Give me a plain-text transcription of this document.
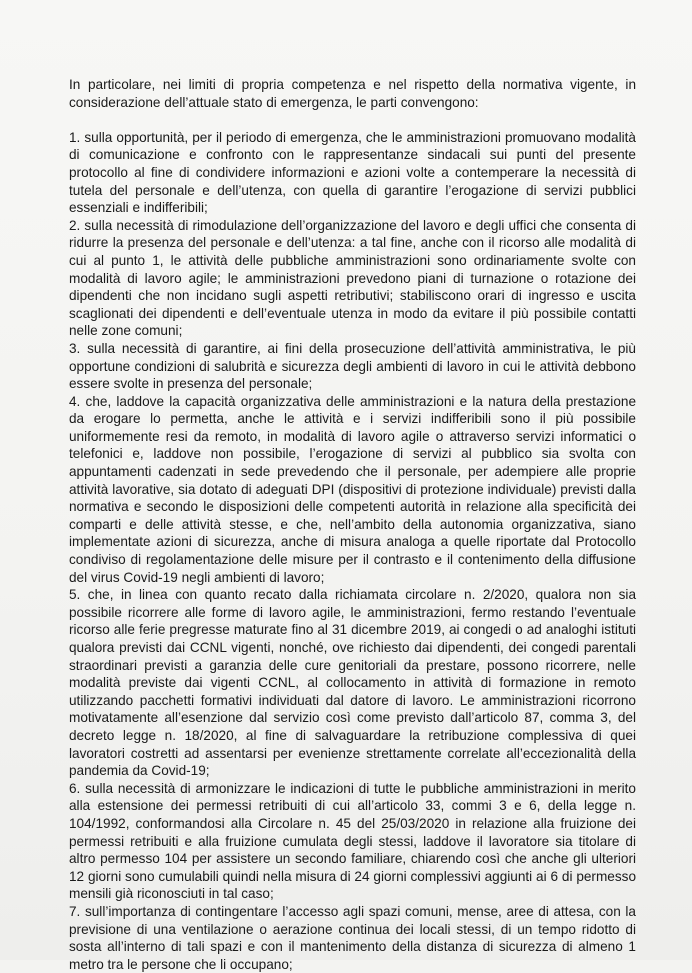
In particolare, nei limiti di propria competenza e nel rispetto della normativa vigente, in considerazione dell’attuale stato di emergenza, le parti convengono:

1. sulla opportunità, per il periodo di emergenza, che le amministrazioni promuovano modalità di comunicazione e confronto con le rappresentanze sindacali sui punti del presente protocollo al fine di condividere informazioni e azioni volte a contemperare la necessità di tutela del personale e dell’utenza, con quella di garantire l’erogazione di servizi pubblici essenziali e indifferibili;

2. sulla necessità di rimodulazione dell’organizzazione del lavoro e degli uffici che consenta di ridurre la presenza del personale e dell’utenza: a tal fine, anche con il ricorso alle modalità di cui al punto 1, le attività delle pubbliche amministrazioni sono ordinariamente svolte con modalità di lavoro agile; le amministrazioni prevedono piani di turnazione o rotazione dei dipendenti che non incidano sugli aspetti retributivi; stabiliscono orari di ingresso e uscita scaglionati dei dipendenti e dell’eventuale utenza in modo da evitare il più possibile contatti nelle zone comuni;

3. sulla necessità di garantire, ai fini della prosecuzione dell’attività amministrativa, le più opportune condizioni di salubrità e sicurezza degli ambienti di lavoro in cui le attività debbono essere svolte in presenza del personale;

4. che, laddove la capacità organizzativa delle amministrazioni e la natura della prestazione da erogare lo permetta, anche le attività e i servizi indifferibili sono il più possibile uniformemente resi da remoto, in modalità di lavoro agile o attraverso servizi informatici o telefonici e, laddove non possibile, l’erogazione di servizi al pubblico sia svolta con appuntamenti cadenzati in sede prevedendo che il personale, per adempiere alle proprie attività lavorative, sia dotato di adeguati DPI (dispositivi di protezione individuale) previsti dalla normativa e secondo le disposizioni delle competenti autorità in relazione alla specificità dei comparti e delle attività stesse, e che, nell’ambito della autonomia organizzativa, siano implementate azioni di sicurezza, anche di misura analoga a quelle riportate dal Protocollo condiviso di regolamentazione delle misure per il contrasto e il contenimento della diffusione del virus Covid-19 negli ambienti di lavoro;

5. che, in linea con quanto recato dalla richiamata circolare n. 2/2020, qualora non sia possibile ricorrere alle forme di lavoro agile, le amministrazioni, fermo restando l’eventuale ricorso alle ferie pregresse maturate fino al 31 dicembre 2019, ai congedi o ad analoghi istituti qualora previsti dai CCNL vigenti, nonché, ove richiesto dai dipendenti, dei congedi parentali straordinari previsti a garanzia delle cure genitoriali da prestare, possono ricorrere, nelle modalità previste dai vigenti CCNL, al collocamento in attività di formazione in remoto utilizzando pacchetti formativi individuati dal datore di lavoro. Le amministrazioni ricorrono motivatamente all’esenzione dal servizio così come previsto dall’articolo 87, comma 3, del decreto legge n. 18/2020, al fine di salvaguardare la retribuzione complessiva di quei lavoratori costretti ad assentarsi per evenienze strettamente correlate all’eccezionalità della pandemia da Covid-19;

6. sulla necessità di armonizzare le indicazioni di tutte le pubbliche amministrazioni in merito alla estensione dei permessi retribuiti di cui all’articolo 33, commi 3 e 6, della legge n. 104/1992, conformandosi alla Circolare n. 45 del 25/03/2020 in relazione alla fruizione dei permessi retribuiti e alla fruizione cumulata degli stessi, laddove il lavoratore sia titolare di altro permesso 104 per assistere un secondo familiare, chiarendo così che anche gli ulteriori 12 giorni sono cumulabili quindi nella misura di 24 giorni complessivi aggiunti ai 6 di permesso mensili già riconosciuti in tal caso;

7. sull’importanza di contingentare l’accesso agli spazi comuni, mense, aree di attesa, con la previsione di una ventilazione o aerazione continua dei locali stessi, di un tempo ridotto di sosta all’interno di tali spazi e con il mantenimento della distanza di sicurezza di almeno 1 metro tra le persone che li occupano;
